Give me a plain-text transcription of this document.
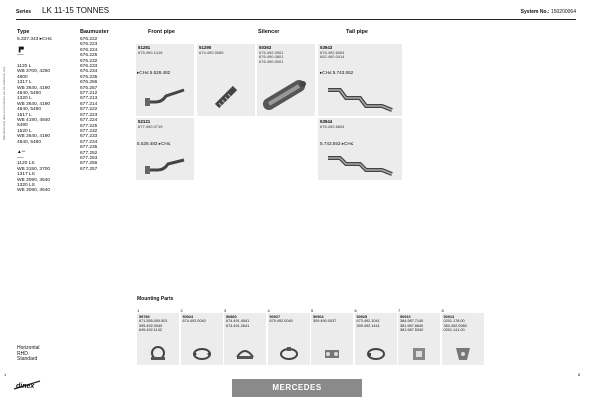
Series LK 11-15 TONNES	System No.: 150200064
Manufacturing data and numbers are for reference only
Type	Baumuster
5.337.343 ▸CH≤
▐▀
──
1120 L
WB 3700, 4250
4800
1317 L
WB 3640, 4190
4840, 5490
1320 L
WB 3640, 4190
4840, 5490
1517 L
WB 4190, 4840
5490
1520 L
WB 3640, 4190
4840, 5490
▲═
──
1120 LS
WB 3150, 3700
1317 LS
WB 3090, 3640
1320 LS
WB 3090, 3640
676.222
676.223
676.224
676.225
676.232
676.233
676.234
676.235
676.256
676.257
677.212
677.213
677.214
677.222
677.223
677.224
677.225
677.232
677.233
677.234
677.235
677.252
677.253
677.256
677.257
Front pipe	Silencer	Tail pipe
51281
675.490.1416
▸CH≤ 5.528.482
51290
674.490.0065
50363
676.492.0501
676.490.0801
676.490.0001
53943
676.492.6004
652.490.0414
▸CH≤ 5.743.552
52121
677.490.0719
5.528.483 ▸CH≤
53944
676.492.6804
5.743.553 ▸CH≤
Mounting Parts
1
59789
671.555.000.501
395.492.0040
645.492.1142
2
50924
674.492.0040
3
50860
674.491.4541
674.491.2641
4
50927
675.492.0040
5
50904
309.490.0037
6
50925
673.492.1041
309.492.1441
7
50910
384.987.7140
381.987.8840
381.987.5340
8
50913
0201.178.00
350.492.0080
0201.141.00
Horizontal
RHD
Standard
dinex	MERCEDES
1	8
